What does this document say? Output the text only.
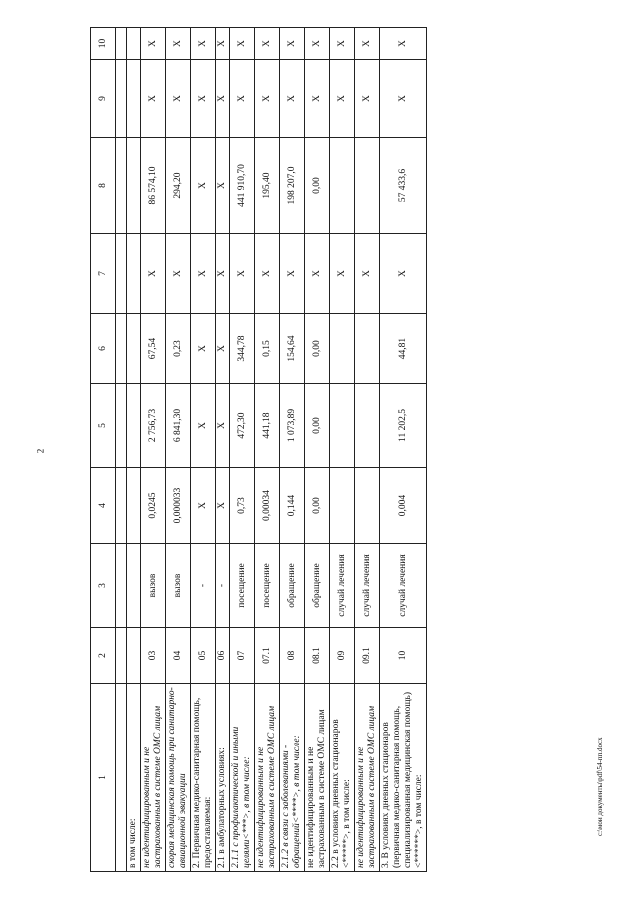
2
1	2	3	4	5	6	7	8	9	10

в том числе:									
не идентифицированным и не застрахованным в системе ОМС лицам	03	вызов	0,0245	2 756,73	67,54	X	86 574,10	X	X
скорая медицинская помощь при санитарно-авиационной эвакуации	04	вызов	0,000033	6 841,30	0,23	X	294,20	X	X
2. Первичная медико-санитарная помощь, предоставляемая:	05	-	X	X	X	X	X	X	X
2.1 в амбулаторных условиях:	06	-	X	X	X	X	X	X	X
2.1.1 с профилактической и иными целями<***>, в том числе:	07	посещение	0,73	472,30	344,78	X	441 910,70	X	X
не идентифицированным и не застрахованным в системе ОМС лицам	07.1	посещение	0,00034	441,18	0,15	X	195,40	X	X
2.1.2 в связи с заболеваниями - обращений<****>, в том числе:	08	обращение	0,144	1 073,89	154,64	X	198 207,0	X	X
не идентифицированным и не застрахованным в системе ОМС лицам	08.1	обращение	0,00	0,00	0,00	X	0,00	X	X
2.2 в условиях дневных стационаров <*****>, в том числе:	09	случай лечения				X		X	X
не идентифицированным и не застрахованным в системе ОМС лицам	09.1	случай лечения				X		X	X
3. В условиях дневных стационаров (первичная медико-санитарная помощь, специализированная медицинская помощь)<******>, в том числе:	10	случай лечения	0,004	11 202,5	44,81	X	57 433,6	X	X
c:\мои документы\pdf\54-пп.docx
